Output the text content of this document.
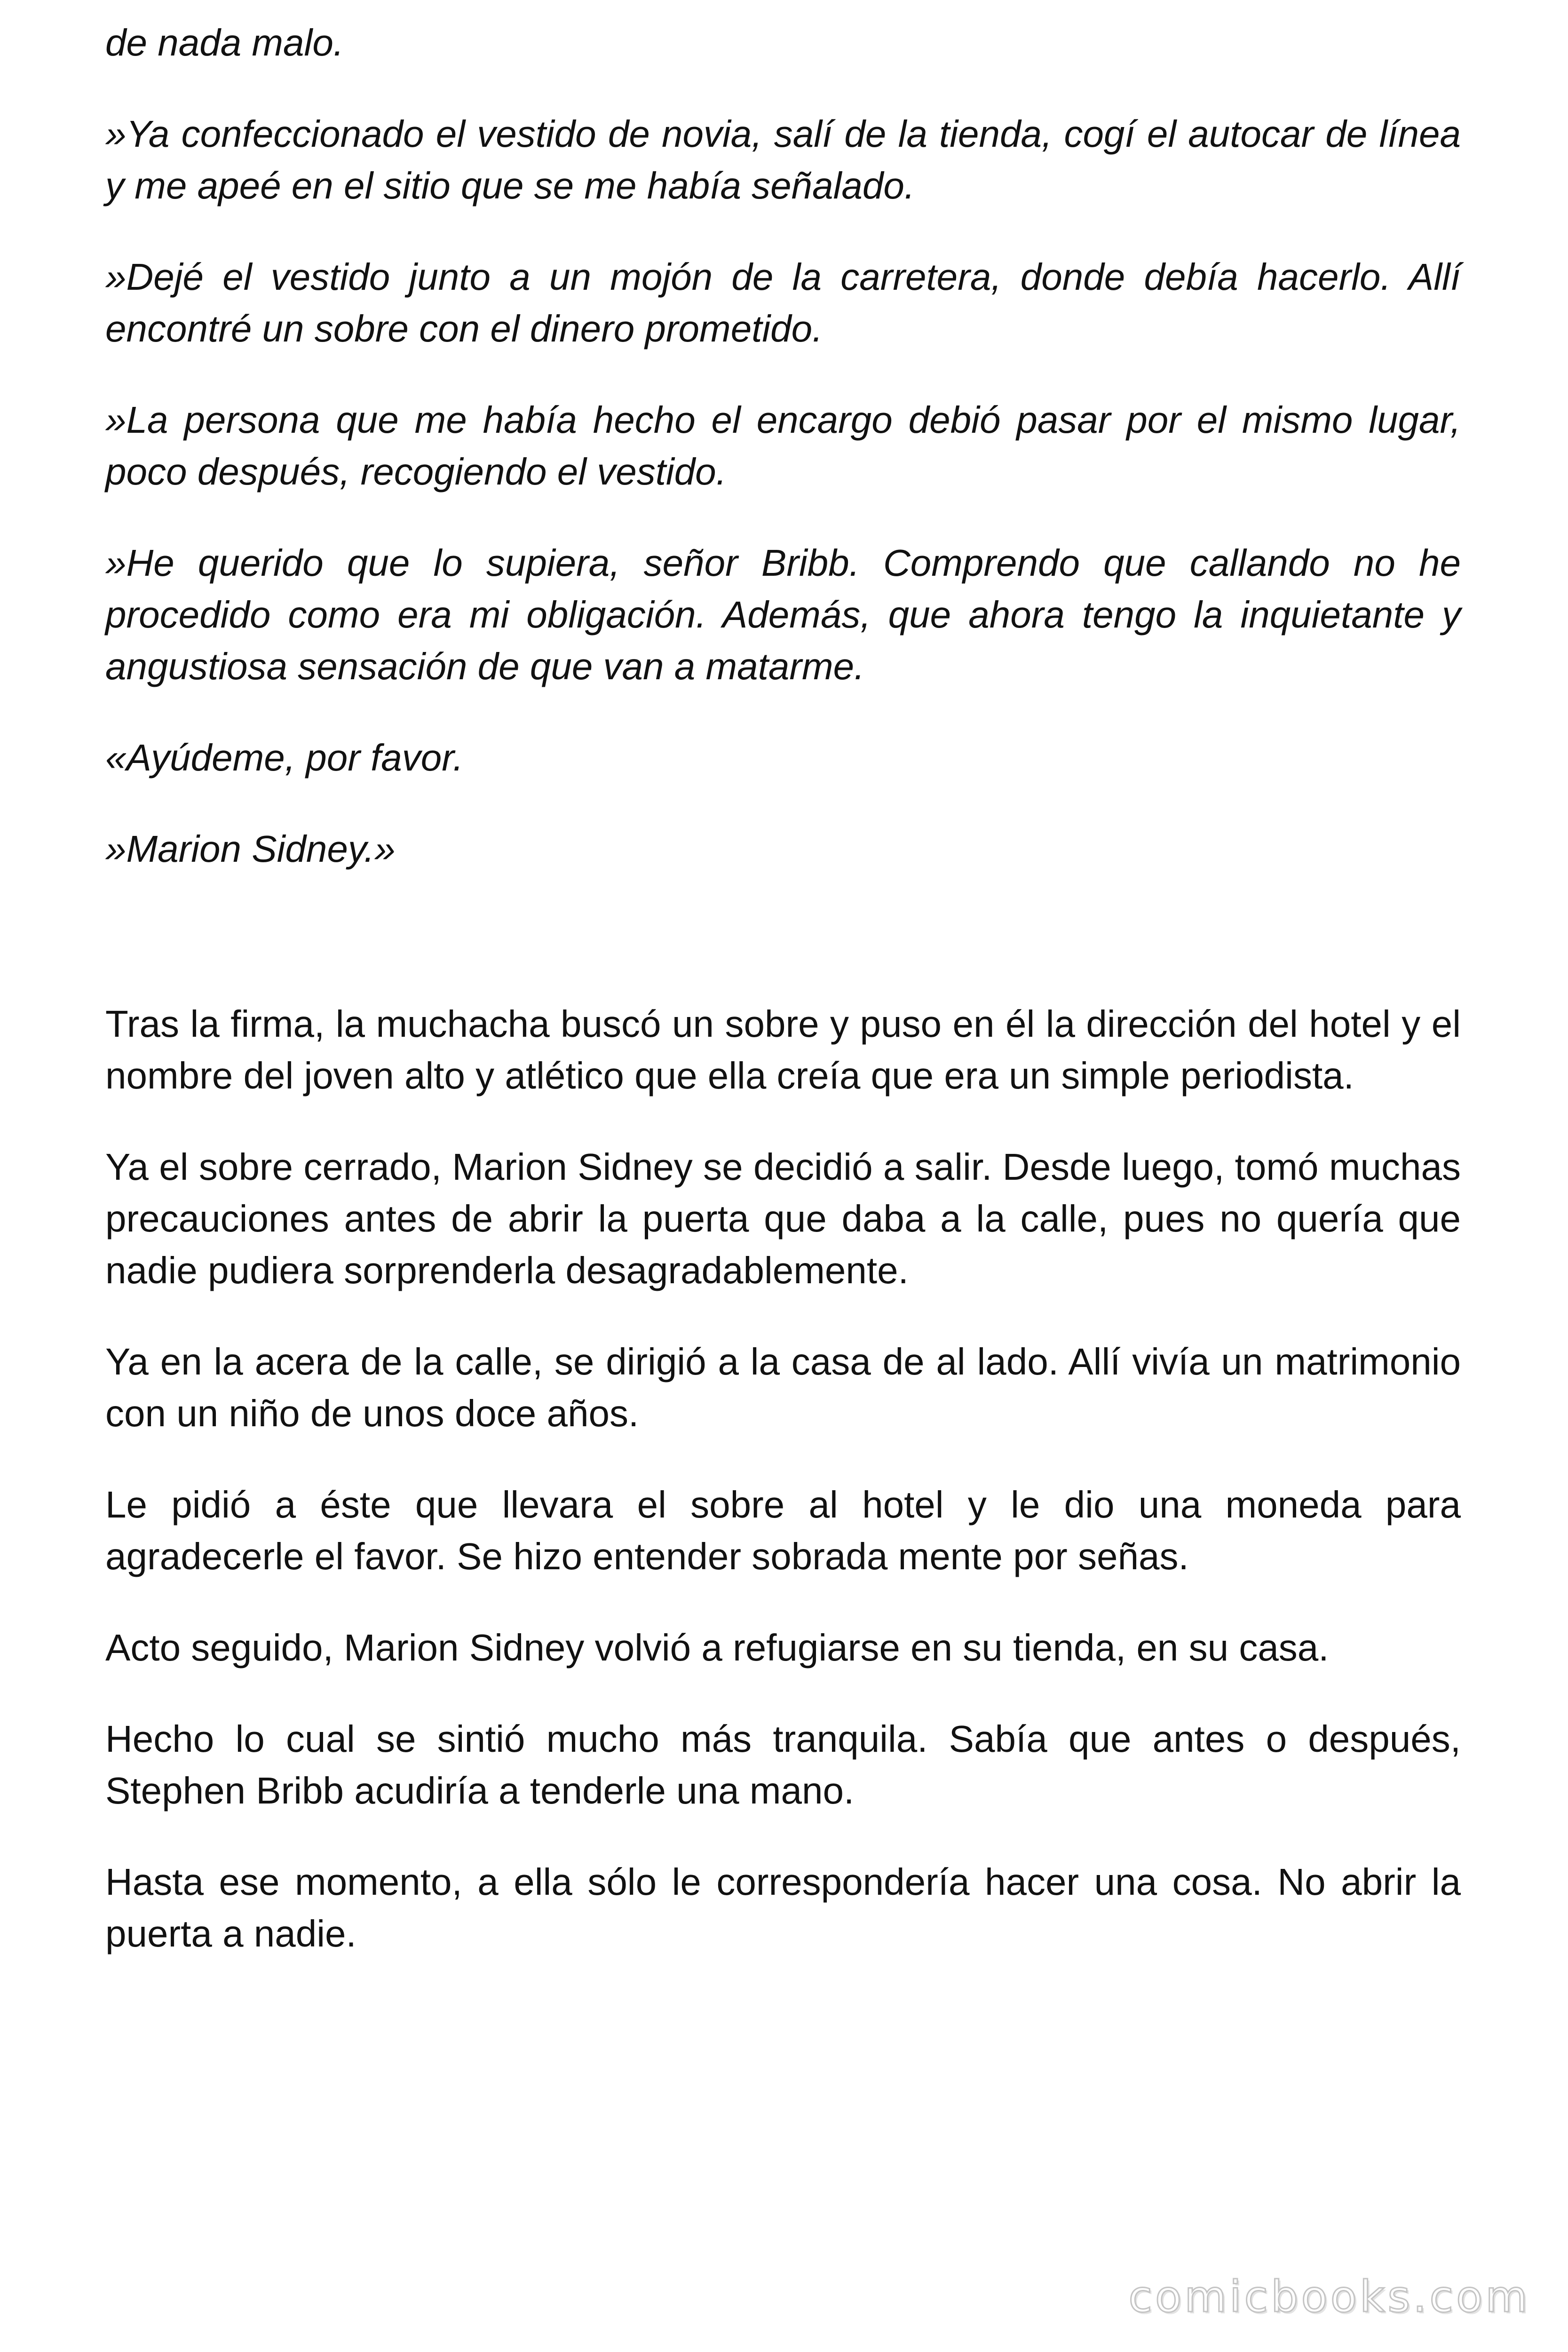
de nada malo.

»Ya confeccionado el vestido de novia, salí de la tienda, cogí el autocar de línea y me apeé en el sitio que se me había señalado.

»Dejé el vestido junto a un mojón de la carretera, donde debía hacerlo. Allí encontré un sobre con el dinero prometido.

»La persona que me había hecho el encargo debió pasar por el mismo lugar, poco después, recogiendo el vestido.

»He querido que lo supiera, señor Bribb. Comprendo que callando no he procedido como era mi obligación. Además, que ahora tengo la inquietante y angustiosa sensación de que van a matarme.

«Ayúdeme, por favor.

»Marion Sidney.»

Tras la firma, la muchacha buscó un sobre y puso en él la dirección del hotel y el nombre del joven alto y atlético que ella creía que era un simple periodista.

Ya el sobre cerrado, Marion Sidney se decidió a salir. Desde luego, tomó muchas precauciones antes de abrir la puerta que daba a la calle, pues no quería que nadie pudiera sorprenderla desagradablemente.

Ya en la acera de la calle, se dirigió a la casa de al lado. Allí vivía un matrimonio con un niño de unos doce años.

Le pidió a éste que llevara el sobre al hotel y le dio una moneda para agradecerle el favor. Se hizo entender sobrada mente por señas.

Acto seguido, Marion Sidney volvió a refugiarse en su tienda, en su casa.

Hecho lo cual se sintió mucho más tranquila. Sabía que antes o después, Stephen Bribb acudiría a tenderle una mano.

Hasta ese momento, a ella sólo le correspondería hacer una cosa. No abrir la puerta a nadie.

comicbooks.com
